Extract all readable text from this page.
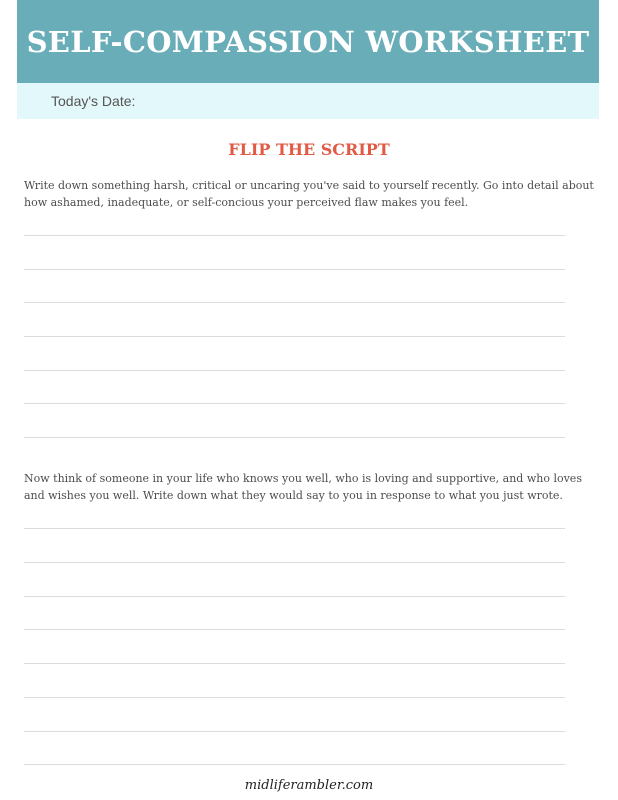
SELF-COMPASSION WORKSHEET
Today's Date:
FLIP THE SCRIPT
Write down something harsh, critical or uncaring you've said to yourself recently. Go into detail about how ashamed, inadequate, or self-concious your perceived flaw makes you feel.
Now think of someone in your life who knows you well, who is loving and supportive, and who loves and wishes you well. Write down what they would say to you in response to what you just wrote.
midliferambler.com
